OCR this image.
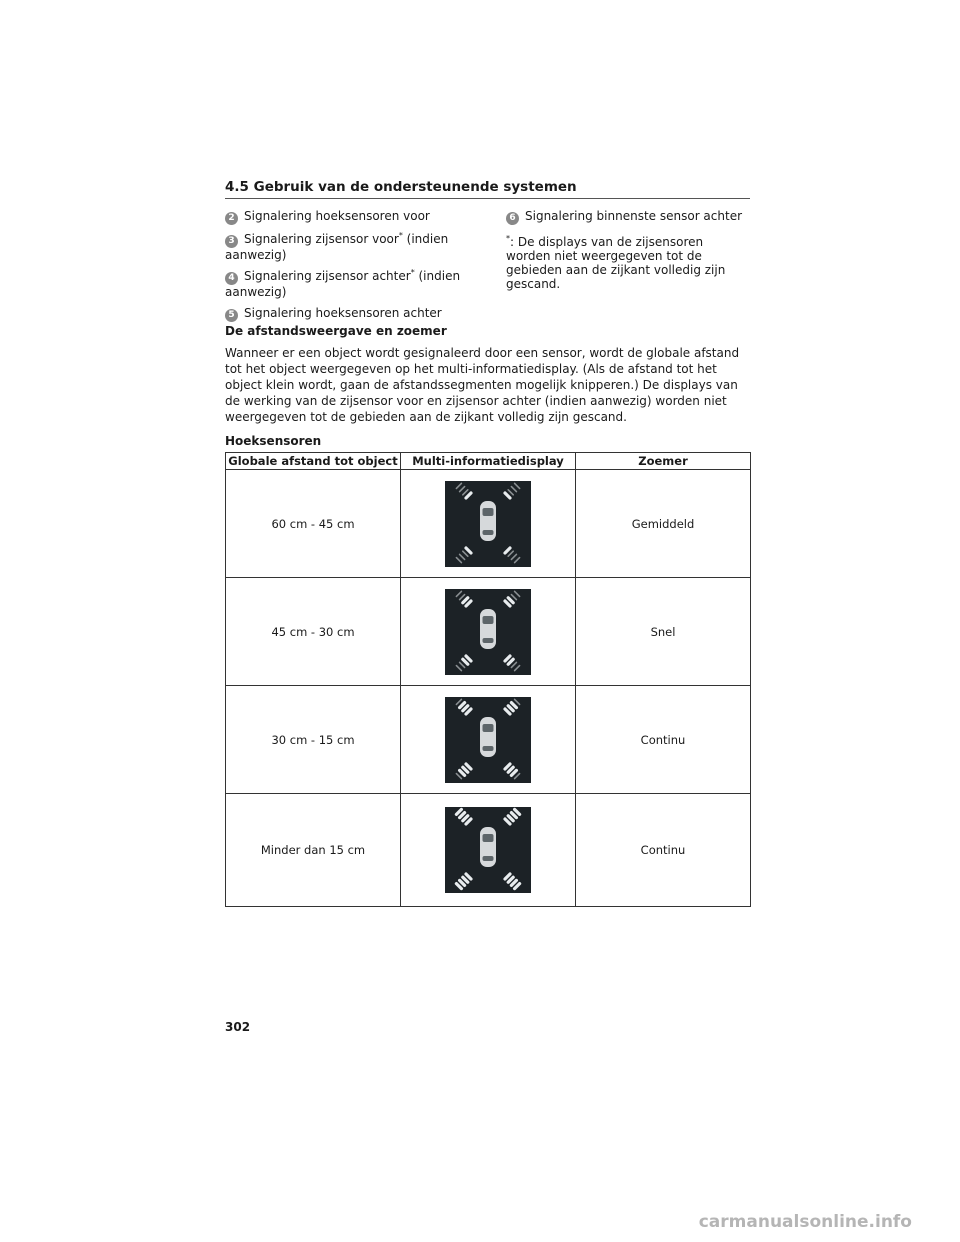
4.5 Gebruik van de ondersteunende systemen
2 Signalering hoeksensoren voor
3 Signalering zijsensor voor* (indien aanwezig)
4 Signalering zijsensor achter* (indien aanwezig)
5 Signalering hoeksensoren achter
6 Signalering binnenste sensor achter
*: De displays van de zijsensoren worden niet weergegeven tot de gebieden aan de zijkant volledig zijn gescand.
De afstandsweergave en zoemer

Wanneer er een object wordt gesignaleerd door een sensor, wordt de globale afstand tot het object weergegeven op het multi-informatiedisplay. (Als de afstand tot het object klein wordt, gaan de afstandssegmenten mogelijk knipperen.) De displays van de werking van de zijsensor voor en zijsensor achter (indien aanwezig) worden niet weergegeven tot de gebieden aan de zijkant volledig zijn gescand.

Hoeksensoren
Globale afstand tot object	Multi-informatiedisplay	Zoemer
60 cm - 45 cm		Gemiddeld
45 cm - 30 cm		Snel
30 cm - 15 cm		Continu
Minder dan 15 cm		Continu
302
carmanualsonline.info
